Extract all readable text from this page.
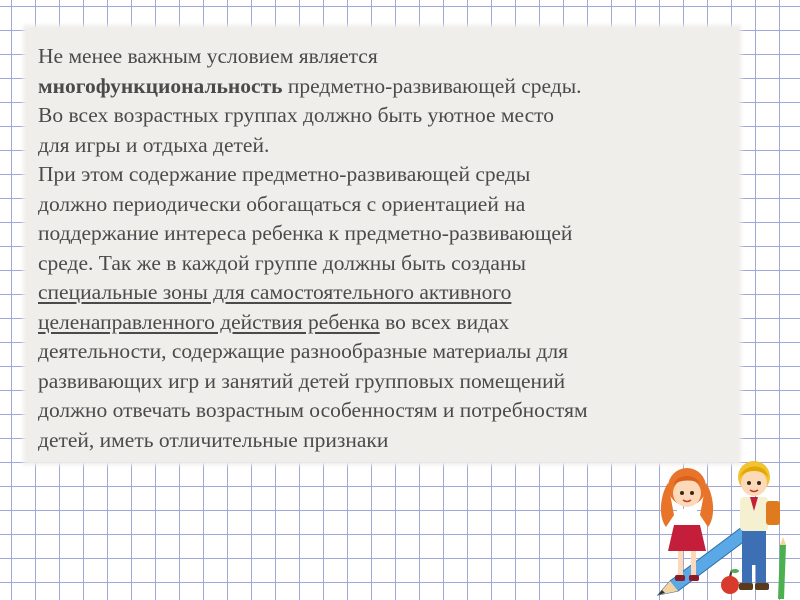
Не менее важным условием является
многофункциональность предметно-развивающей среды.
Во всех возрастных группах должно быть уютное место
для игры и отдыха детей.
При этом содержание предметно-развивающей среды
должно периодически обогащаться с ориентацией на
поддержание интереса ребенка к предметно-развивающей
среде. Так же в каждой группе должны быть созданы
специальные зоны для самостоятельного активного
целенаправленного действия ребенка во всех видах
деятельности, содержащие разнообразные материалы для
развивающих игр и занятий детей групповых помещений
должно отвечать возрастным особенностям и потребностям
детей, иметь отличительные признаки
